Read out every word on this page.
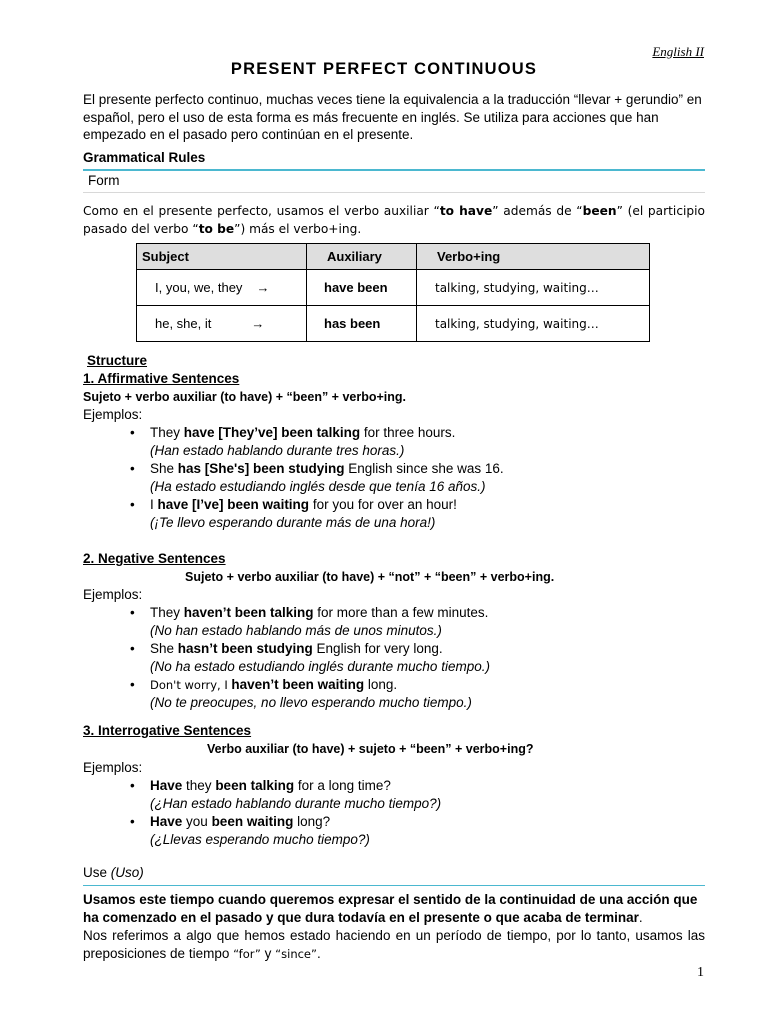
English II
PRESENT PERFECT CONTINUOUS
El presente perfecto continuo, muchas veces tiene la equivalencia a la traducción “llevar + gerundio” en español, pero el uso de esta forma es más frecuente en inglés. Se utiliza para acciones que han empezado en el pasado pero continúan en el presente.
Grammatical Rules
Form
Como en el presente perfecto, usamos el verbo auxiliar “to have” además de “been” (el participio pasado del verbo “to be”) más el verbo+ing.
Subject	Auxiliary	Verbo+ing
I, you, we, they →	have been	talking, studying, waiting…
he, she, it →	has been	talking, studying, waiting…
Structure
1. Affirmative Sentences
Sujeto + verbo auxiliar (to have) + “been” + verbo+ing.
Ejemplos:
• They have [They’ve] been talking for three hours.
(Han estado hablando durante tres horas.)
• She has [She's] been studying English since she was 16.
(Ha estado estudiando inglés desde que tenía 16 años.)
• I have [I’ve] been waiting for you for over an hour!
(¡Te llevo esperando durante más de una hora!)
2. Negative Sentences
Sujeto + verbo auxiliar (to have) + “not” + “been” + verbo+ing.
Ejemplos:
• They haven’t been talking for more than a few minutes.
(No han estado hablando más de unos minutos.)
• She hasn’t been studying English for very long.
(No ha estado estudiando inglés durante mucho tiempo.)
• Don't worry, I haven’t been waiting long.
(No te preocupes, no llevo esperando mucho tiempo.)
3. Interrogative Sentences
Verbo auxiliar (to have) + sujeto + “been” + verbo+ing?
Ejemplos:
• Have they been talking for a long time?
(¿Han estado hablando durante mucho tiempo?)
• Have you been waiting long?
(¿Llevas esperando mucho tiempo?)
Use (Uso)
Usamos este tiempo cuando queremos expresar el sentido de la continuidad de una acción que ha comenzado en el pasado y que dura todavía en el presente o que acaba de terminar.
Nos referimos a algo que hemos estado haciendo en un período de tiempo, por lo tanto, usamos las preposiciones de tiempo “for” y “since”.
1
